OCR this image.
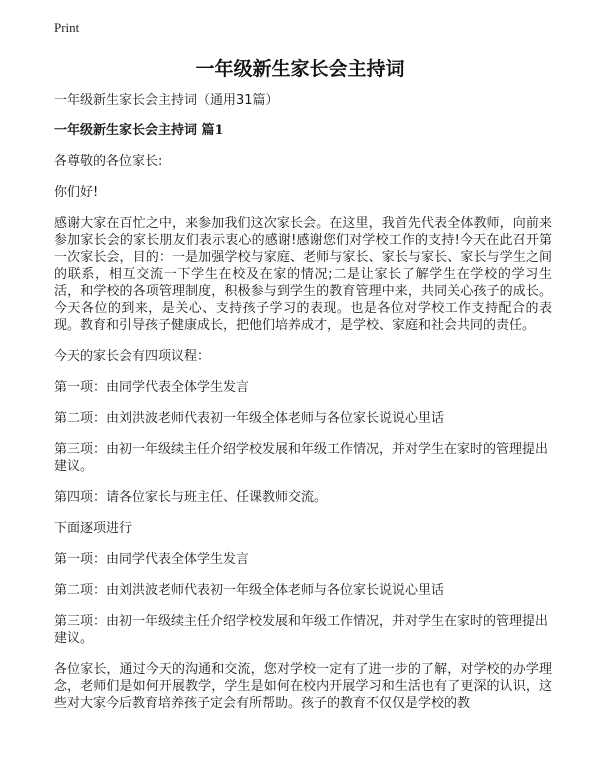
Print
一年级新生家长会主持词

一年级新生家长会主持词（通用31篇）

一年级新生家长会主持词 篇1

各尊敬的各位家长:

你们好!

感谢大家在百忙之中，来参加我们这次家长会。在这里，我首先代表全体教师，向前来参加家长会的家长朋友们表示衷心的感谢!感谢您们对学校工作的支持!今天在此召开第一次家长会，目的：一是加强学校与家庭、老师与家长、家长与家长、家长与学生之间的联系，相互交流一下学生在校及在家的情况;二是让家长了解学生在学校的学习生活，和学校的各项管理制度，积极参与到学生的教育管理中来，共同关心孩子的成长。今天各位的到来，是关心、支持孩子学习的表现。也是各位对学校工作支持配合的表现。教育和引导孩子健康成长，把他们培养成才，是学校、家庭和社会共同的责任。

今天的家长会有四项议程：

第一项：由同学代表全体学生发言

第二项：由刘洪波老师代表初一年级全体老师与各位家长说说心里话

第三项：由初一年级续主任介绍学校发展和年级工作情况，并对学生在家时的管理提出建议。

第四项：请各位家长与班主任、任课教师交流。

下面逐项进行

第一项：由同学代表全体学生发言

第二项：由刘洪波老师代表初一年级全体老师与各位家长说说心里话

第三项：由初一年级续主任介绍学校发展和年级工作情况，并对学生在家时的管理提出建议。

各位家长，通过今天的沟通和交流，您对学校一定有了进一步的了解，对学校的办学理念，老师们是如何开展教学，学生是如何在校内开展学习和生活也有了更深的认识，这些对大家今后教育培养孩子定会有所帮助。孩子的教育不仅仅是学校的教
